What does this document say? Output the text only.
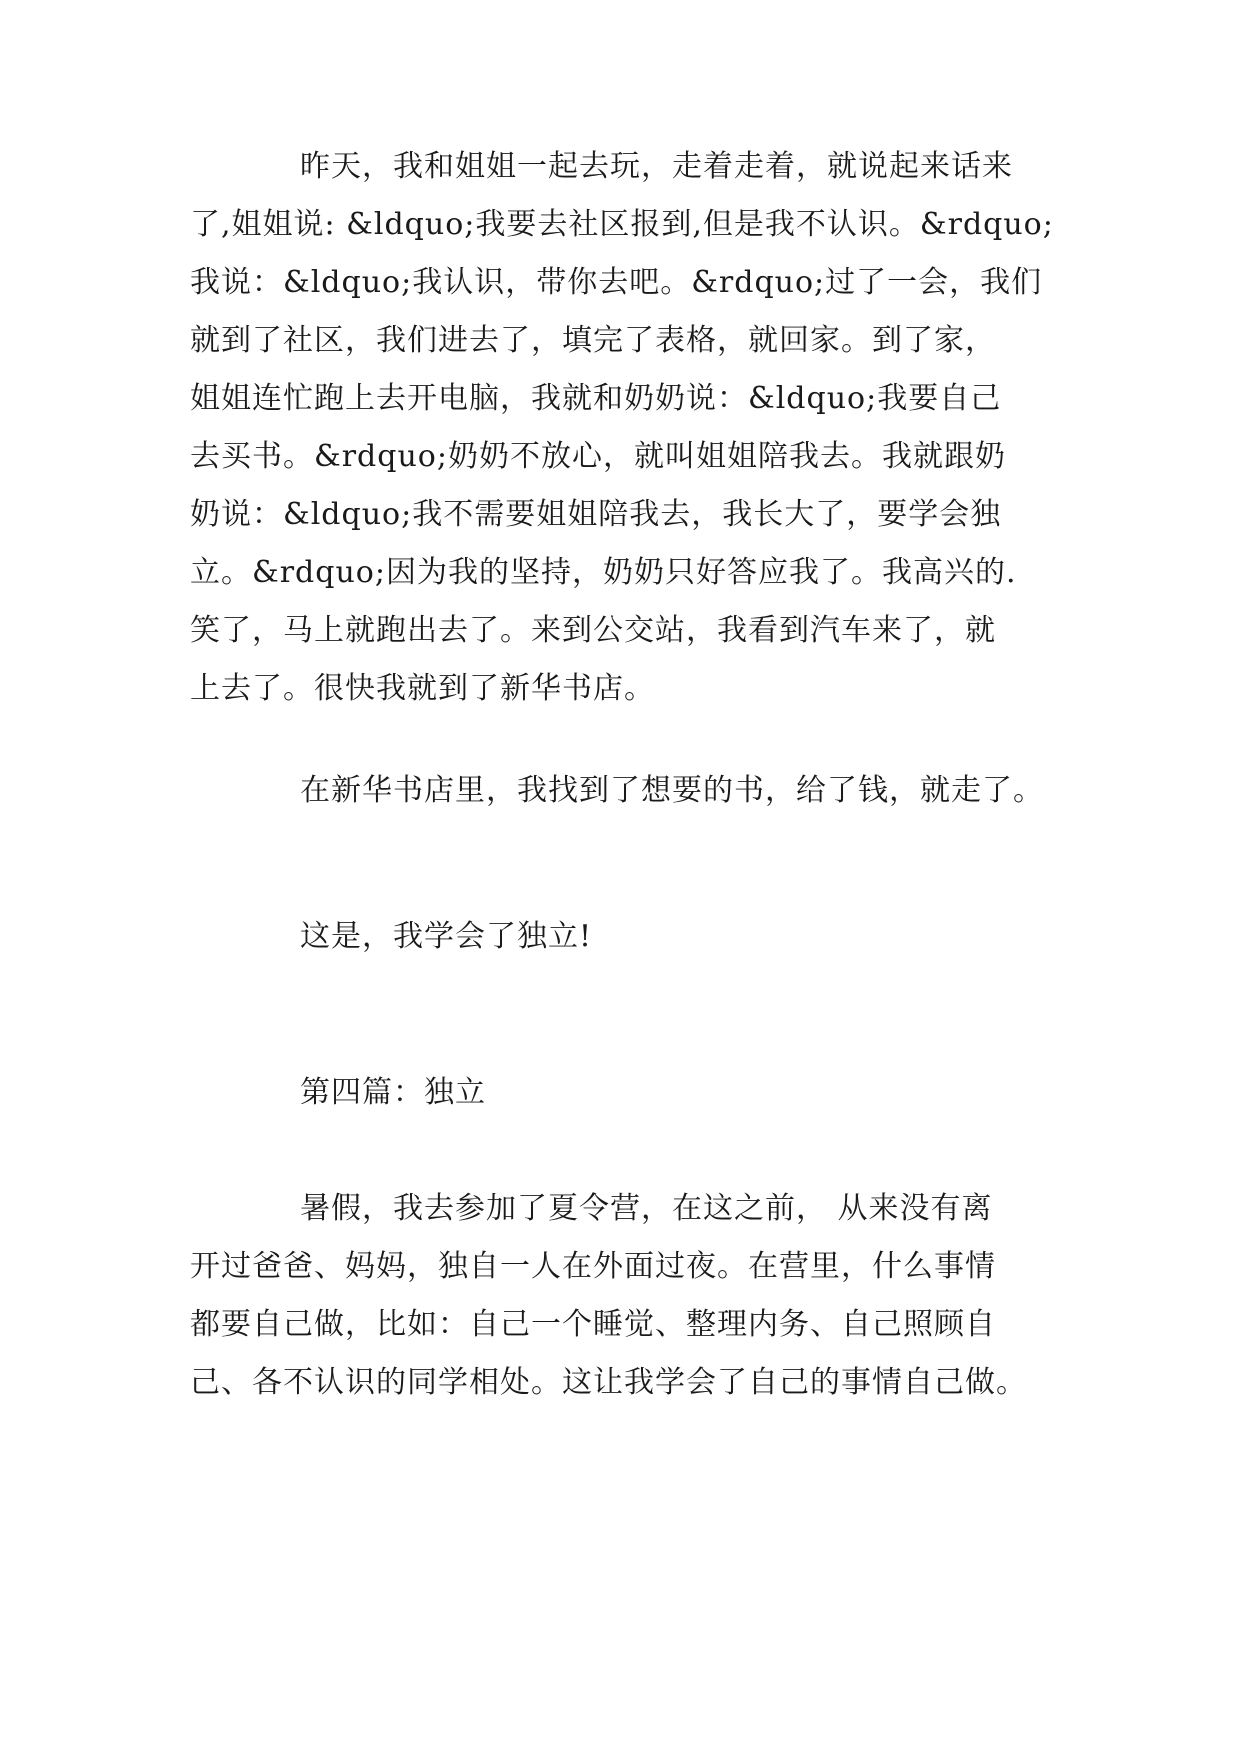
昨天，我和姐姐一起去玩，走着走着，就说起来话来
了,姐姐说: &ldquo;我要去社区报到,但是我不认识。&rdquo;
我说：&ldquo;我认识，带你去吧。&rdquo;过了一会，我们
就到了社区，我们进去了，填完了表格，就回家。到了家，
姐姐连忙跑上去开电脑，我就和奶奶说：&ldquo;我要自己
去买书。&rdquo;奶奶不放心，就叫姐姐陪我去。我就跟奶
奶说：&ldquo;我不需要姐姐陪我去，我长大了，要学会独
立。&rdquo;因为我的坚持，奶奶只好答应我了。我高兴的.
笑了，马上就跑出去了。来到公交站，我看到汽车来了，就
上去了。很快我就到了新华书店。
在新华书店里，我找到了想要的书，给了钱，就走了。
这是，我学会了独立!
第四篇：独立
暑假，我去参加了夏令营，在这之前， 从来没有离
开过爸爸、妈妈，独自一人在外面过夜。在营里，什么事情
都要自己做，比如：自己一个睡觉、整理内务、自己照顾自
己、各不认识的同学相处。这让我学会了自己的事情自己做。
